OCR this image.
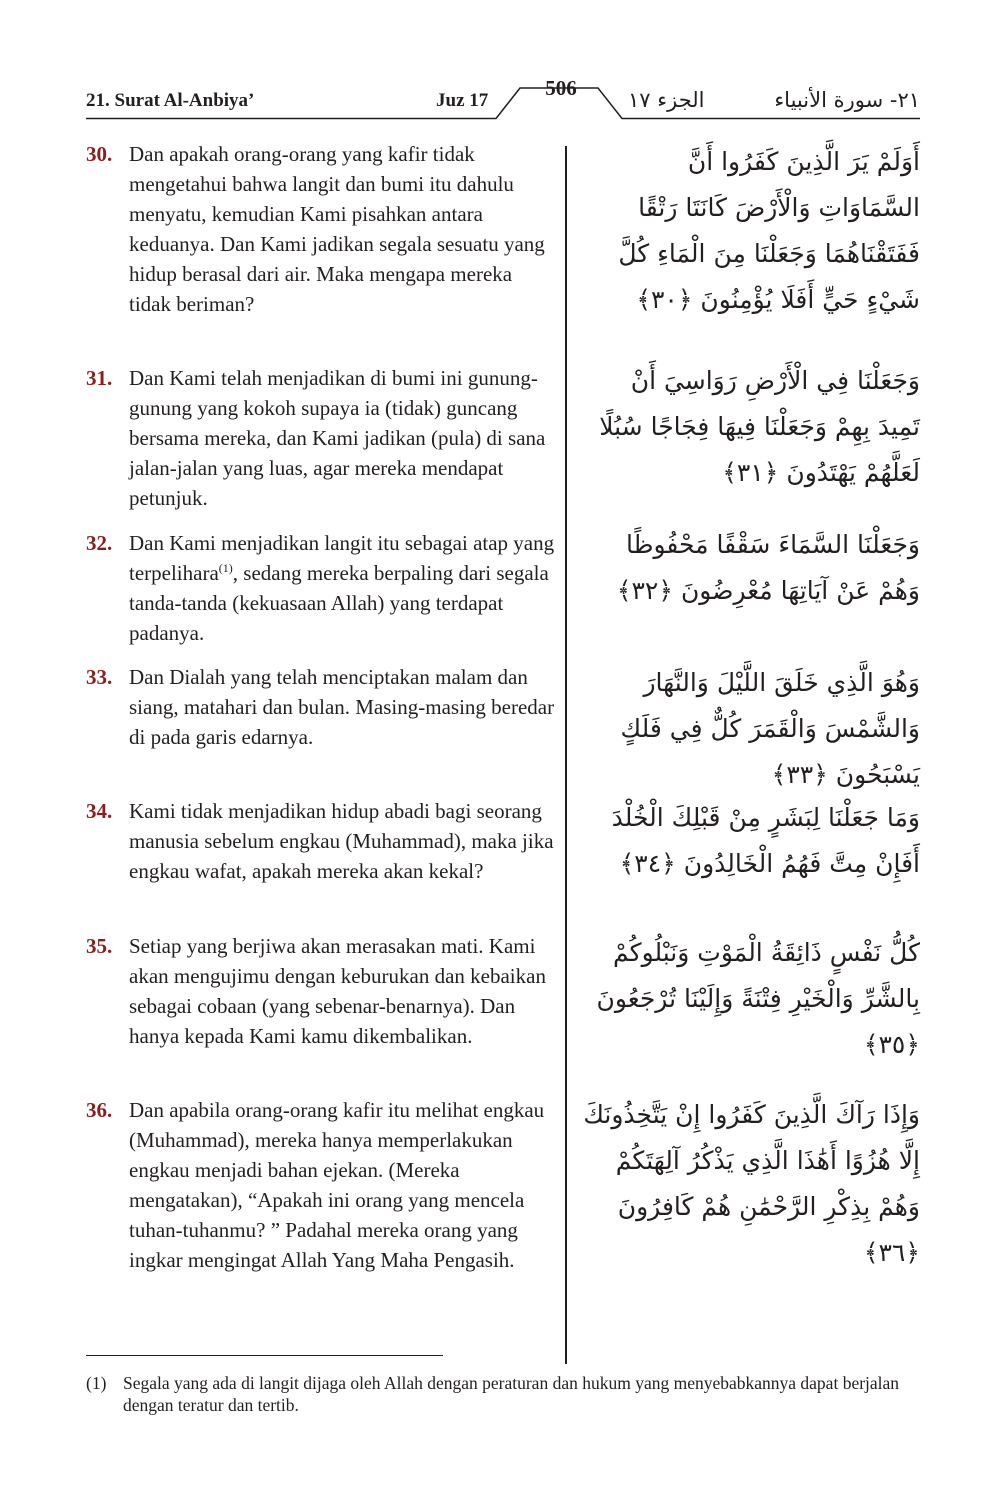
21. Surat Al-Anbiya’	Juz 17
506	الجزء ١٧	٢١- سورة الأنبياء
30. Dan apakah orang-orang yang kafir tidak mengetahui bahwa langit dan bumi itu dahulu menyatu, kemudian Kami pisahkan antara keduanya. Dan Kami jadikan segala sesuatu yang hidup berasal dari air. Maka mengapa mereka tidak beriman?
أَوَلَمْ يَرَ الَّذِينَ كَفَرُوا أَنَّ السَّمَاوَاتِ وَالْأَرْضَ كَانَتَا رَتْقًا فَفَتَقْنَاهُمَا وَجَعَلْنَا مِنَ الْمَاءِ كُلَّ شَيْءٍ حَيٍّ أَفَلَا يُؤْمِنُونَ ﴿٣٠﴾
31. Dan Kami telah menjadikan di bumi ini gunung-gunung yang kokoh supaya ia (tidak) guncang bersama mereka, dan Kami jadikan (pula) di sana jalan-jalan yang luas, agar mereka mendapat petunjuk.
وَجَعَلْنَا فِي الْأَرْضِ رَوَاسِيَ أَنْ تَمِيدَ بِهِمْ وَجَعَلْنَا فِيهَا فِجَاجًا سُبُلًا لَعَلَّهُمْ يَهْتَدُونَ ﴿٣١﴾
32. Dan Kami menjadikan langit itu sebagai atap yang terpelihara$^{(1)}$, sedang mereka berpaling dari segala tanda-tanda (kekuasaan Allah) yang terdapat padanya.
وَجَعَلْنَا السَّمَاءَ سَقْفًا مَحْفُوظًا وَهُمْ عَنْ آيَاتِهَا مُعْرِضُونَ ﴿٣٢﴾
33. Dan Dialah yang telah menciptakan malam dan siang, matahari dan bulan. Masing-masing beredar di pada garis edarnya.
وَهُوَ الَّذِي خَلَقَ اللَّيْلَ وَالنَّهَارَ وَالشَّمْسَ وَالْقَمَرَ كُلٌّ فِي فَلَكٍ يَسْبَحُونَ ﴿٣٣﴾
34. Kami tidak menjadikan hidup abadi bagi seorang manusia sebelum engkau (Muhammad), maka jika engkau wafat, apakah mereka akan kekal?
وَمَا جَعَلْنَا لِبَشَرٍ مِنْ قَبْلِكَ الْخُلْدَ أَفَإِنْ مِتَّ فَهُمُ الْخَالِدُونَ ﴿٣٤﴾
35. Setiap yang berjiwa akan merasakan mati. Kami akan mengujimu dengan keburukan dan kebaikan sebagai cobaan (yang sebenar-benarnya). Dan hanya kepada Kami kamu dikembalikan.
كُلُّ نَفْسٍ ذَائِقَةُ الْمَوْتِ وَنَبْلُوكُمْ بِالشَّرِّ وَالْخَيْرِ فِتْنَةً وَإِلَيْنَا تُرْجَعُونَ ﴿٣٥﴾
36. Dan apabila orang-orang kafir itu melihat engkau (Muhammad), mereka hanya memperlakukan engkau menjadi bahan ejekan. (Mereka mengatakan), “Apakah ini orang yang mencela tuhan-tuhanmu? ” Padahal mereka orang yang ingkar mengingat Allah Yang Maha Pengasih.
وَإِذَا رَآكَ الَّذِينَ كَفَرُوا إِنْ يَتَّخِذُونَكَ إِلَّا هُزُوًا أَهَٰذَا الَّذِي يَذْكُرُ آلِهَتَكُمْ وَهُمْ بِذِكْرِ الرَّحْمَٰنِ هُمْ كَافِرُونَ ﴿٣٦﴾
(1) Segala yang ada di langit dijaga oleh Allah dengan peraturan dan hukum yang menyebabkannya dapat berjalan dengan teratur dan tertib.
